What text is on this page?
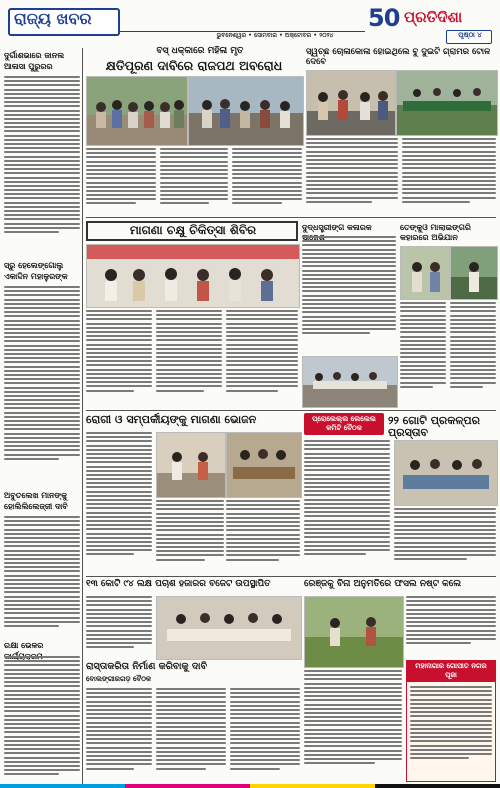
ରାଜ୍ୟ ଖବର
ଭୁବନେଶ୍ୱର • ସୋମବାର • ଅକ୍ଟୋବର • ୨୦୨୪
50 ପ୍ରତିଦିଶା
ପୃଷ୍ଠା ୪
ଦୁର୍ଗାଶଭାରେ ଜାନଲ ଆଳାସା ପୁରୁରର
ସ୍ରୁ ହେଲେଙ୍ଗୋଲୁ ଏକାଦ୍ଦିନ ମହାଳୁରଙ୍କ
ଅବୁତଲେଖ ମାନଙ୍କୁ ହୋଲିଲିଲେଜ୍ଜୀ ଦାବି
ରକ୍ଷା ଭେଳର
ବସ୍ ଧକ୍କାରେ ମହିଳା ମୃତ
କ୍ଷତିପୂରଣ ଦାବିରେ ରାଜପଥ ଅବରୋଧ
ସ୍ୱଚ୍ଛ ଚୋଳାକୋଳା ହୋଇଥିଲେ ବୁ ଦୁଇଟି ଗ୍ରାମର ଟୋଳ ଦେବେ
ମାଗଣା ଚକ୍ଷୁ ଚିକିତ୍ସା ଶିବିର	ଦୁଦ୍ଧସ୍ତ୍ରୀଙ୍ଗ କଳାରକ	ତେଙ୍କୁଓ ମାଲାଇଙ୍ଗରି କହାରରେ ଅଭିଯାନ
ରୋଗୀ ଓ ସମ୍ପର୍କୀୟଙ୍କୁ ମାଗଣା ଭୋଜନ	ପ୍ରୋଲେଲ୍ଲ ଲେଲେଲ କମିଟି ବୈଠକ
୨୨ ଗୋଟି ପ୍ରକଳ୍ପର ପ୍ରସ୍ତାବ
୧୩ କୋଟି ୯୪ ଲକ୍ଷ ପଚାଶ ହଜାରର ବଜେଟ ଉପସ୍ଥାପିତ
ରାସ୍ତାକରିତା ନିର୍ମାଣ କରିବାକୁ ଦାବି
ବୋଲଙ୍ଗୀରଗଡ଼ ବୈଠକ
ରେଞ୍ଜକୁ ବିନା ଅନୁମତିରେ ଫସଲ ନଷ୍ଟ କଲେ
ମହାନାଗାର ଗୋପୀତ ନଗର ପୂଜା
